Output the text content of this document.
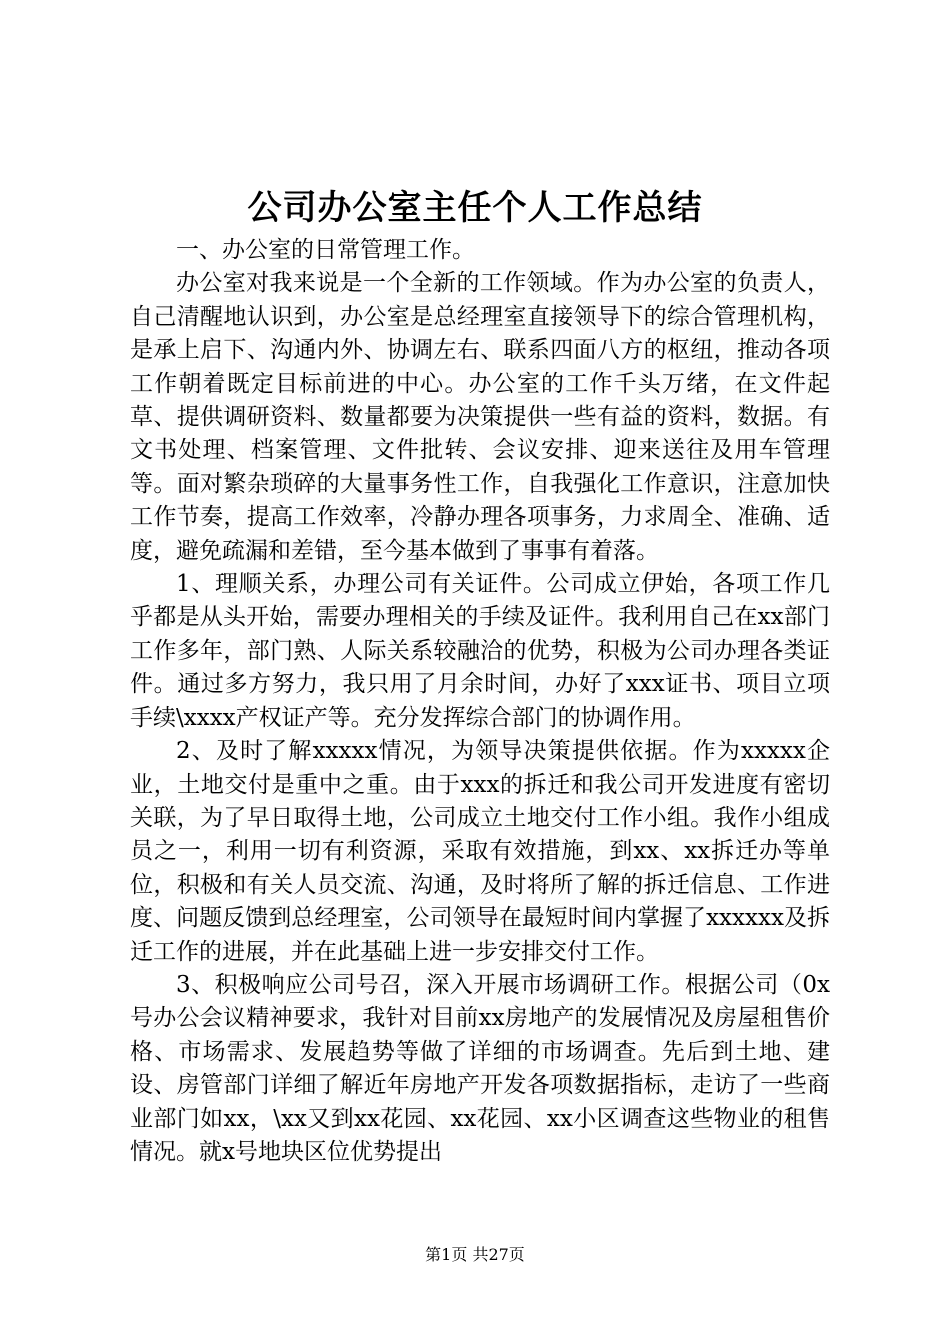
公司办公室主任个人工作总结

一、办公室的日常管理工作。

办公室对我来说是一个全新的工作领域。作为办公室的负责人，自己清醒地认识到，办公室是总经理室直接领导下的综合管理机构，是承上启下、沟通内外、协调左右、联系四面八方的枢纽，推动各项工作朝着既定目标前进的中心。办公室的工作千头万绪，在文件起草、提供调研资料、数量都要为决策提供一些有益的资料，数据。有文书处理、档案管理、文件批转、会议安排、迎来送往及用车管理等。面对繁杂琐碎的大量事务性工作，自我强化工作意识，注意加快工作节奏，提高工作效率，冷静办理各项事务，力求周全、准确、适度，避免疏漏和差错，至今基本做到了事事有着落。

1、理顺关系，办理公司有关证件。公司成立伊始，各项工作几乎都是从头开始，需要办理相关的手续及证件。我利用自己在xx部门工作多年，部门熟、人际关系较融洽的优势，积极为公司办理各类证件。通过多方努力，我只用了月余时间，办好了xxx证书、项目立项手续\xxxx产权证产等。充分发挥综合部门的协调作用。

2、及时了解xxxxx情况，为领导决策提供依据。作为xxxxx企业，土地交付是重中之重。由于xxx的拆迁和我公司开发进度有密切关联，为了早日取得土地，公司成立土地交付工作小组。我作小组成员之一，利用一切有利资源，采取有效措施，到xx、xx拆迁办等单位，积极和有关人员交流、沟通，及时将所了解的拆迁信息、工作进度、问题反馈到总经理室，公司领导在最短时间内掌握了xxxxxx及拆迁工作的进展，并在此基础上进一步安排交付工作。

3、积极响应公司号召，深入开展市场调研工作。根据公司（0x号办公会议精神要求，我针对目前xx房地产的发展情况及房屋租售价格、市场需求、发展趋势等做了详细的市场调查。先后到土地、建设、房管部门详细了解近年房地产开发各项数据指标，走访了一些商业部门如xx，\xx又到xx花园、xx花园、xx小区调查这些物业的租售情况。就x号地块区位优势提出

第1页 共27页
